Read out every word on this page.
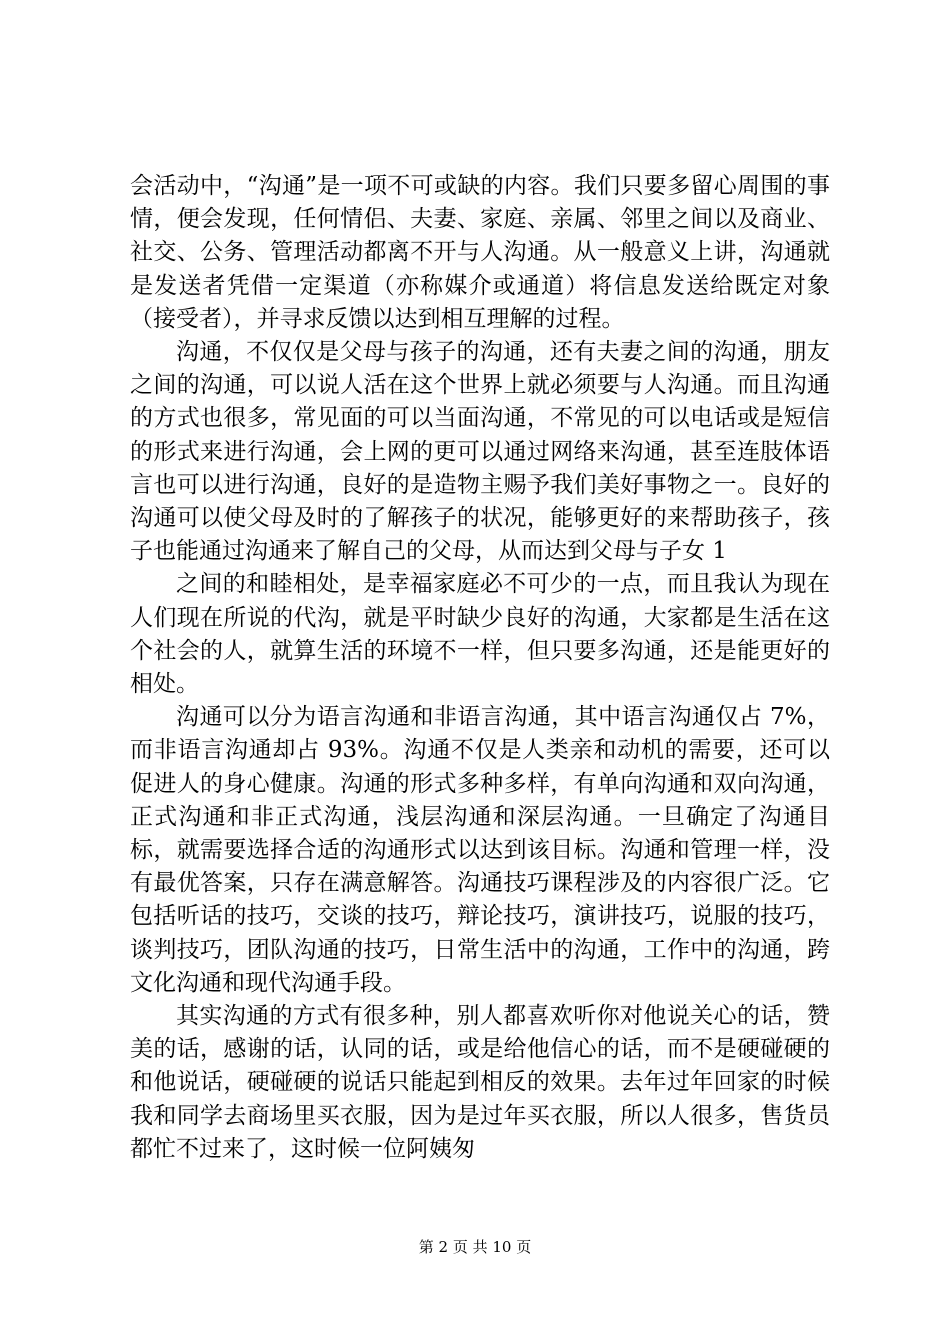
会活动中，“沟通”是一项不可或缺的内容。我们只要多留心周围的事情，便会发现，任何情侣、夫妻、家庭、亲属、邻里之间以及商业、社交、公务、管理活动都离不开与人沟通。从一般意义上讲，沟通就是发送者凭借一定渠道（亦称媒介或通道）将信息发送给既定对象（接受者），并寻求反馈以达到相互理解的过程。

沟通，不仅仅是父母与孩子的沟通，还有夫妻之间的沟通，朋友之间的沟通，可以说人活在这个世界上就必须要与人沟通。而且沟通的方式也很多，常见面的可以当面沟通，不常见的可以电话或是短信的形式来进行沟通，会上网的更可以通过网络来沟通，甚至连肢体语言也可以进行沟通，良好的是造物主赐予我们美好事物之一。良好的沟通可以使父母及时的了解孩子的状况，能够更好的来帮助孩子，孩子也能通过沟通来了解自己的父母，从而达到父母与子女 1

之间的和睦相处，是幸福家庭必不可少的一点，而且我认为现在人们现在所说的代沟，就是平时缺少良好的沟通，大家都是生活在这个社会的人，就算生活的环境不一样，但只要多沟通，还是能更好的相处。

沟通可以分为语言沟通和非语言沟通，其中语言沟通仅占 7%，而非语言沟通却占 93%。沟通不仅是人类亲和动机的需要，还可以促进人的身心健康。沟通的形式多种多样，有单向沟通和双向沟通，正式沟通和非正式沟通，浅层沟通和深层沟通。一旦确定了沟通目标，就需要选择合适的沟通形式以达到该目标。沟通和管理一样，没有最优答案，只存在满意解答。沟通技巧课程涉及的内容很广泛。它包括听话的技巧，交谈的技巧，辩论技巧，演讲技巧，说服的技巧，谈判技巧，团队沟通的技巧，日常生活中的沟通，工作中的沟通，跨文化沟通和现代沟通手段。

其实沟通的方式有很多种，别人都喜欢听你对他说关心的话，赞美的话，感谢的话，认同的话，或是给他信心的话，而不是硬碰硬的和他说话，硬碰硬的说话只能起到相反的效果。去年过年回家的时候我和同学去商场里买衣服，因为是过年买衣服，所以人很多，售货员都忙不过来了，这时候一位阿姨匆

第 2 页 共 10 页
